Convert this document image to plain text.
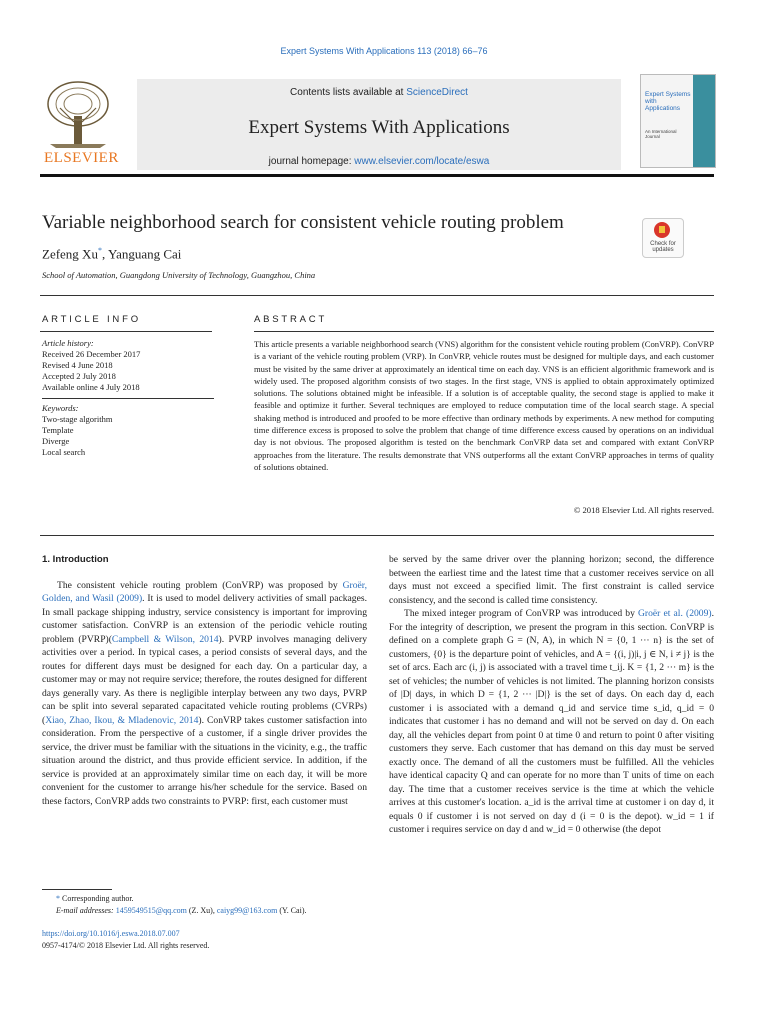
Expert Systems With Applications 113 (2018) 66–76
ELSEVIER
Contents lists available at ScienceDirect
Expert Systems With Applications
journal homepage: www.elsevier.com/locate/eswa
Expert Systems with Applications
An International Journal
Variable neighborhood search for consistent vehicle routing problem
Check for updates
Zefeng Xu*, Yanguang Cai
School of Automation, Guangdong University of Technology, Guangzhou, China
ARTICLE INFO	ABSTRACT
Article history:
Received 26 December 2017
Revised 4 June 2018
Accepted 2 July 2018
Available online 4 July 2018
Keywords:
Two-stage algorithm
Template
Diverge
Local search
This article presents a variable neighborhood search (VNS) algorithm for the consistent vehicle routing problem (ConVRP). ConVRP is a variant of the vehicle routing problem (VRP). In ConVRP, vehicle routes must be designed for multiple days, and each customer must be visited by the same driver at approximately an identical time on each day. VNS is an efficient algorithmic framework and is widely used. The proposed algorithm consists of two stages. In the first stage, VNS is applied to obtain approximately optimized solutions. The solutions obtained might be infeasible. If a solution is of acceptable quality, the second stage is applied to make it feasible and optimize it further. Several techniques are employed to reduce computation time of the local search stage. A special shaking method is introduced and proofed to be more effective than ordinary methods by experiments. A new method for computing time difference excess is proposed to solve the problem that change of time difference excess caused by operations on an individual day is not obvious. The proposed algorithm is tested on the benchmark ConVRP data set and compared with extant ConVRP approaches from the literature. The results demonstrate that VNS outperforms all the extant ConVRP approaches in terms of quality of solutions obtained.
© 2018 Elsevier Ltd. All rights reserved.

1. Introduction

The consistent vehicle routing problem (ConVRP) was proposed by Groër, Golden, and Wasil (2009). It is used to model delivery activities of small packages. In small package shipping industry, service consistency is important for improving customer satisfaction. ConVRP is an extension of the periodic vehicle routing problem (PVRP)(Campbell & Wilson, 2014). PVRP involves managing delivery activities over a period. In typical cases, a period consists of several days, and the routes for different days must be designed for each day. On a particular day, a customer may or may not require service; therefore, the routes designed for different days generally vary. As there is negligible interplay between any two days, PVRP can be split into several separated capacitated vehicle routing problems (CVRPs)(Xiao, Zhao, Ikou, & Mladenovic, 2014). ConVRP takes customer satisfaction into consideration. From the perspective of a customer, if a single driver provides the service, the driver must be familiar with the situations in the vicinity, e.g., the traffic situation around the district, and thus provide efficient service. In addition, if the service is provided at an approximately similar time on each day, it will be more convenient for the customer to arrange his/her schedule for the service. Based on these factors, ConVRP adds two constraints to PVRP: first, each customer must

be served by the same driver over the planning horizon; second, the difference between the earliest time and the latest time that a customer receives service on all days must not exceed a specified limit. The first constraint is called service consistency, and the second is called time consistency.

The mixed integer program of ConVRP was introduced by Groër et al. (2009). For the integrity of description, we present the program in this section. ConVRP is defined on a complete graph G = (N, A), in which N = {0, 1 ··· n} is the set of customers, {0} is the departure point of vehicles, and A = {(i, j)|i, j ∈ N, i ≠ j} is the set of arcs. Each arc (i, j) is associated with a travel time t_ij. K = {1, 2 ··· m} is the set of vehicles; the number of vehicles is not limited. The planning horizon consists of |D| days, in which D = {1, 2 ··· |D|} is the set of days. On each day d, each customer i is associated with a demand q_id and service time s_id, q_id = 0 indicates that customer i has no demand and will not be served on day d. On each day, all the vehicles depart from point 0 at time 0 and return to point 0 after visiting customers they serve. Each customer that has demand on this day must be served exactly once. The demand of all the customers must be fulfilled. All the vehicles have identical capacity Q and can operate for no more than T units of time on each day. The time that a customer receives service is the time at which the vehicle arrives at this customer's location. a_id is the arrival time at customer i on day d, it equals 0 if customer i is not served on day d (i = 0 is the depot). w_id = 1 if customer i requires service on day d and w_id = 0 otherwise (the depot

* Corresponding author.
E-mail addresses: 1459549515@qq.com (Z. Xu), caiyg99@163.com (Y. Cai).
https://doi.org/10.1016/j.eswa.2018.07.007
0957-4174/© 2018 Elsevier Ltd. All rights reserved.
